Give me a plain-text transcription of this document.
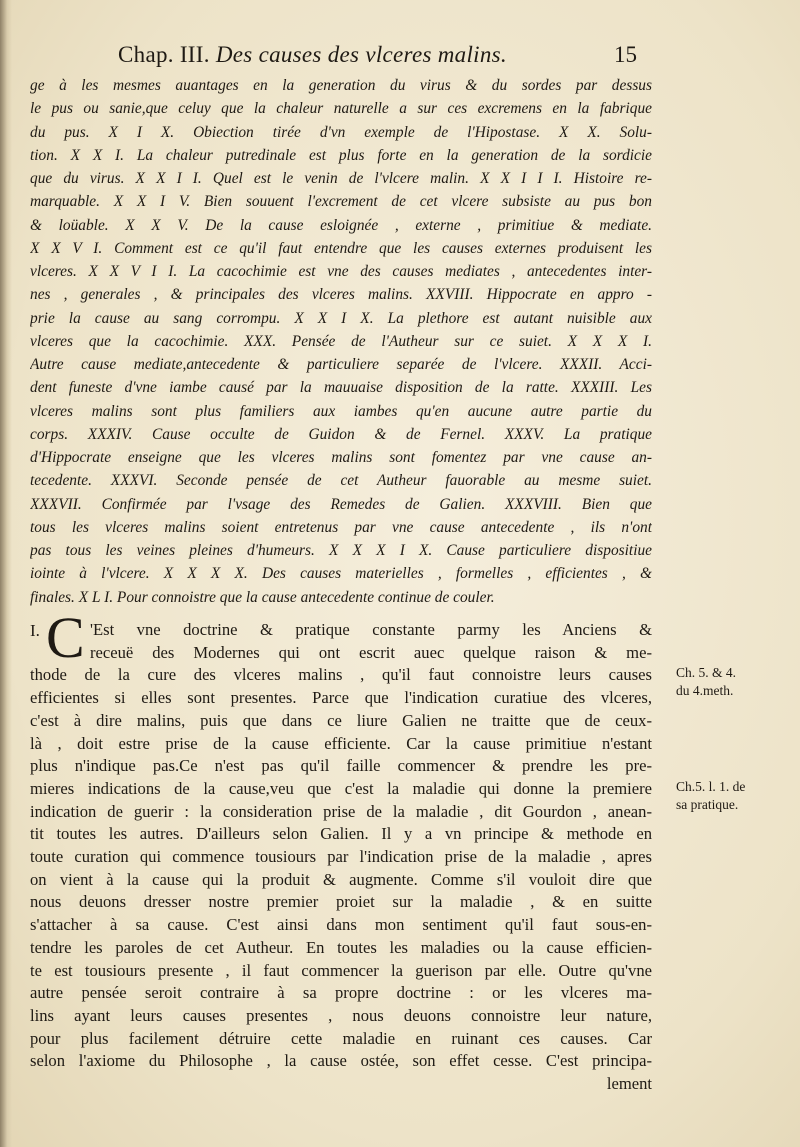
Chap. III. Des causes des vlceres malins.	15
ge à les mesmes auantages en la generation du virus & du sordes par dessus
le pus ou sanie,que celuy que la chaleur naturelle a sur ces excremens en la fabrique
du pus. X I X. Obiection tirée d'vn exemple de l'Hipostase. X X. Solu-
tion. X X I. La chaleur putredinale est plus forte en la generation de la sordicie
que du virus. X X I I. Quel est le venin de l'vlcere malin. X X I I I. Histoire re-
marquable. X X I V. Bien souuent l'excrement de cet vlcere subsiste au pus bon
& loüable. X X V. De la cause esloignée , externe , primitiue & mediate.
X X V I. Comment est ce qu'il faut entendre que les causes externes produisent les
vlceres. X X V I I. La cacochimie est vne des causes mediates , antecedentes inter-
nes , generales , & principales des vlceres malins. XXVIII. Hippocrate en appro -
prie la cause au sang corrompu. X X I X. La plethore est autant nuisible aux
vlceres que la cacochimie. XXX. Pensée de l'Autheur sur ce suiet. X X X I.
Autre cause mediate,antecedente & particuliere separée de l'vlcere. XXXII. Acci-
dent funeste d'vne iambe causé par la mauuaise disposition de la ratte. XXXIII. Les
vlceres malins sont plus familiers aux iambes qu'en aucune autre partie du
corps. XXXIV. Cause occulte de Guidon & de Fernel. XXXV. La pratique
d'Hippocrate enseigne que les vlceres malins sont fomentez par vne cause an-
tecedente. XXXVI. Seconde pensée de cet Autheur fauorable au mesme suiet.
XXXVII. Confirmée par l'vsage des Remedes de Galien. XXXVIII. Bien que
tous les vlceres malins soient entretenus par vne cause antecedente , ils n'ont
pas tous les veines pleines d'humeurs. X X X I X. Cause particuliere dispositiue
iointe à l'vlcere. X X X X. Des causes materielles , formelles , efficientes , &
finales. X L I. Pour connoistre que la cause antecedente continue de couler.
I. C 'Est vne doctrine & pratique constante parmy les Anciens &
receuë des Modernes qui ont escrit auec quelque raison & me-
thode de la cure des vlceres malins , qu'il faut connoistre leurs causes
efficientes si elles sont presentes. Parce que l'indication curatiue des vlceres,
c'est à dire malins, puis que dans ce liure Galien ne traitte que de ceux-
là , doit estre prise de la cause efficiente. Car la cause primitiue n'estant
plus n'indique pas.Ce n'est pas qu'il faille commencer & prendre les pre-
mieres indications de la cause,veu que c'est la maladie qui donne la premiere
indication de guerir : la consideration prise de la maladie , dit Gourdon , anean-
tit toutes les autres. D'ailleurs selon Galien. Il y a vn principe & methode en
toute curation qui commence tousiours par l'indication prise de la maladie , apres
on vient à la cause qui la produit & augmente. Comme s'il vouloit dire que
nous deuons dresser nostre premier proiet sur la maladie , & en suitte
s'attacher à sa cause. C'est ainsi dans mon sentiment qu'il faut sous-en-
tendre les paroles de cet Autheur. En toutes les maladies ou la cause efficien-
te est tousiours presente , il faut commencer la guerison par elle. Outre qu'vne
autre pensée seroit contraire à sa propre doctrine : or les vlceres ma-
lins ayant leurs causes presentes , nous deuons connoistre leur nature,
pour plus facilement détruire cette maladie en ruinant ces causes. Car
selon l'axiome du Philosophe , la cause ostée, son effet cesse. C'est principa-
lement
Ch. 5. & 4.
du 4.meth.
Ch.5. l. 1. de
sa pratique.
